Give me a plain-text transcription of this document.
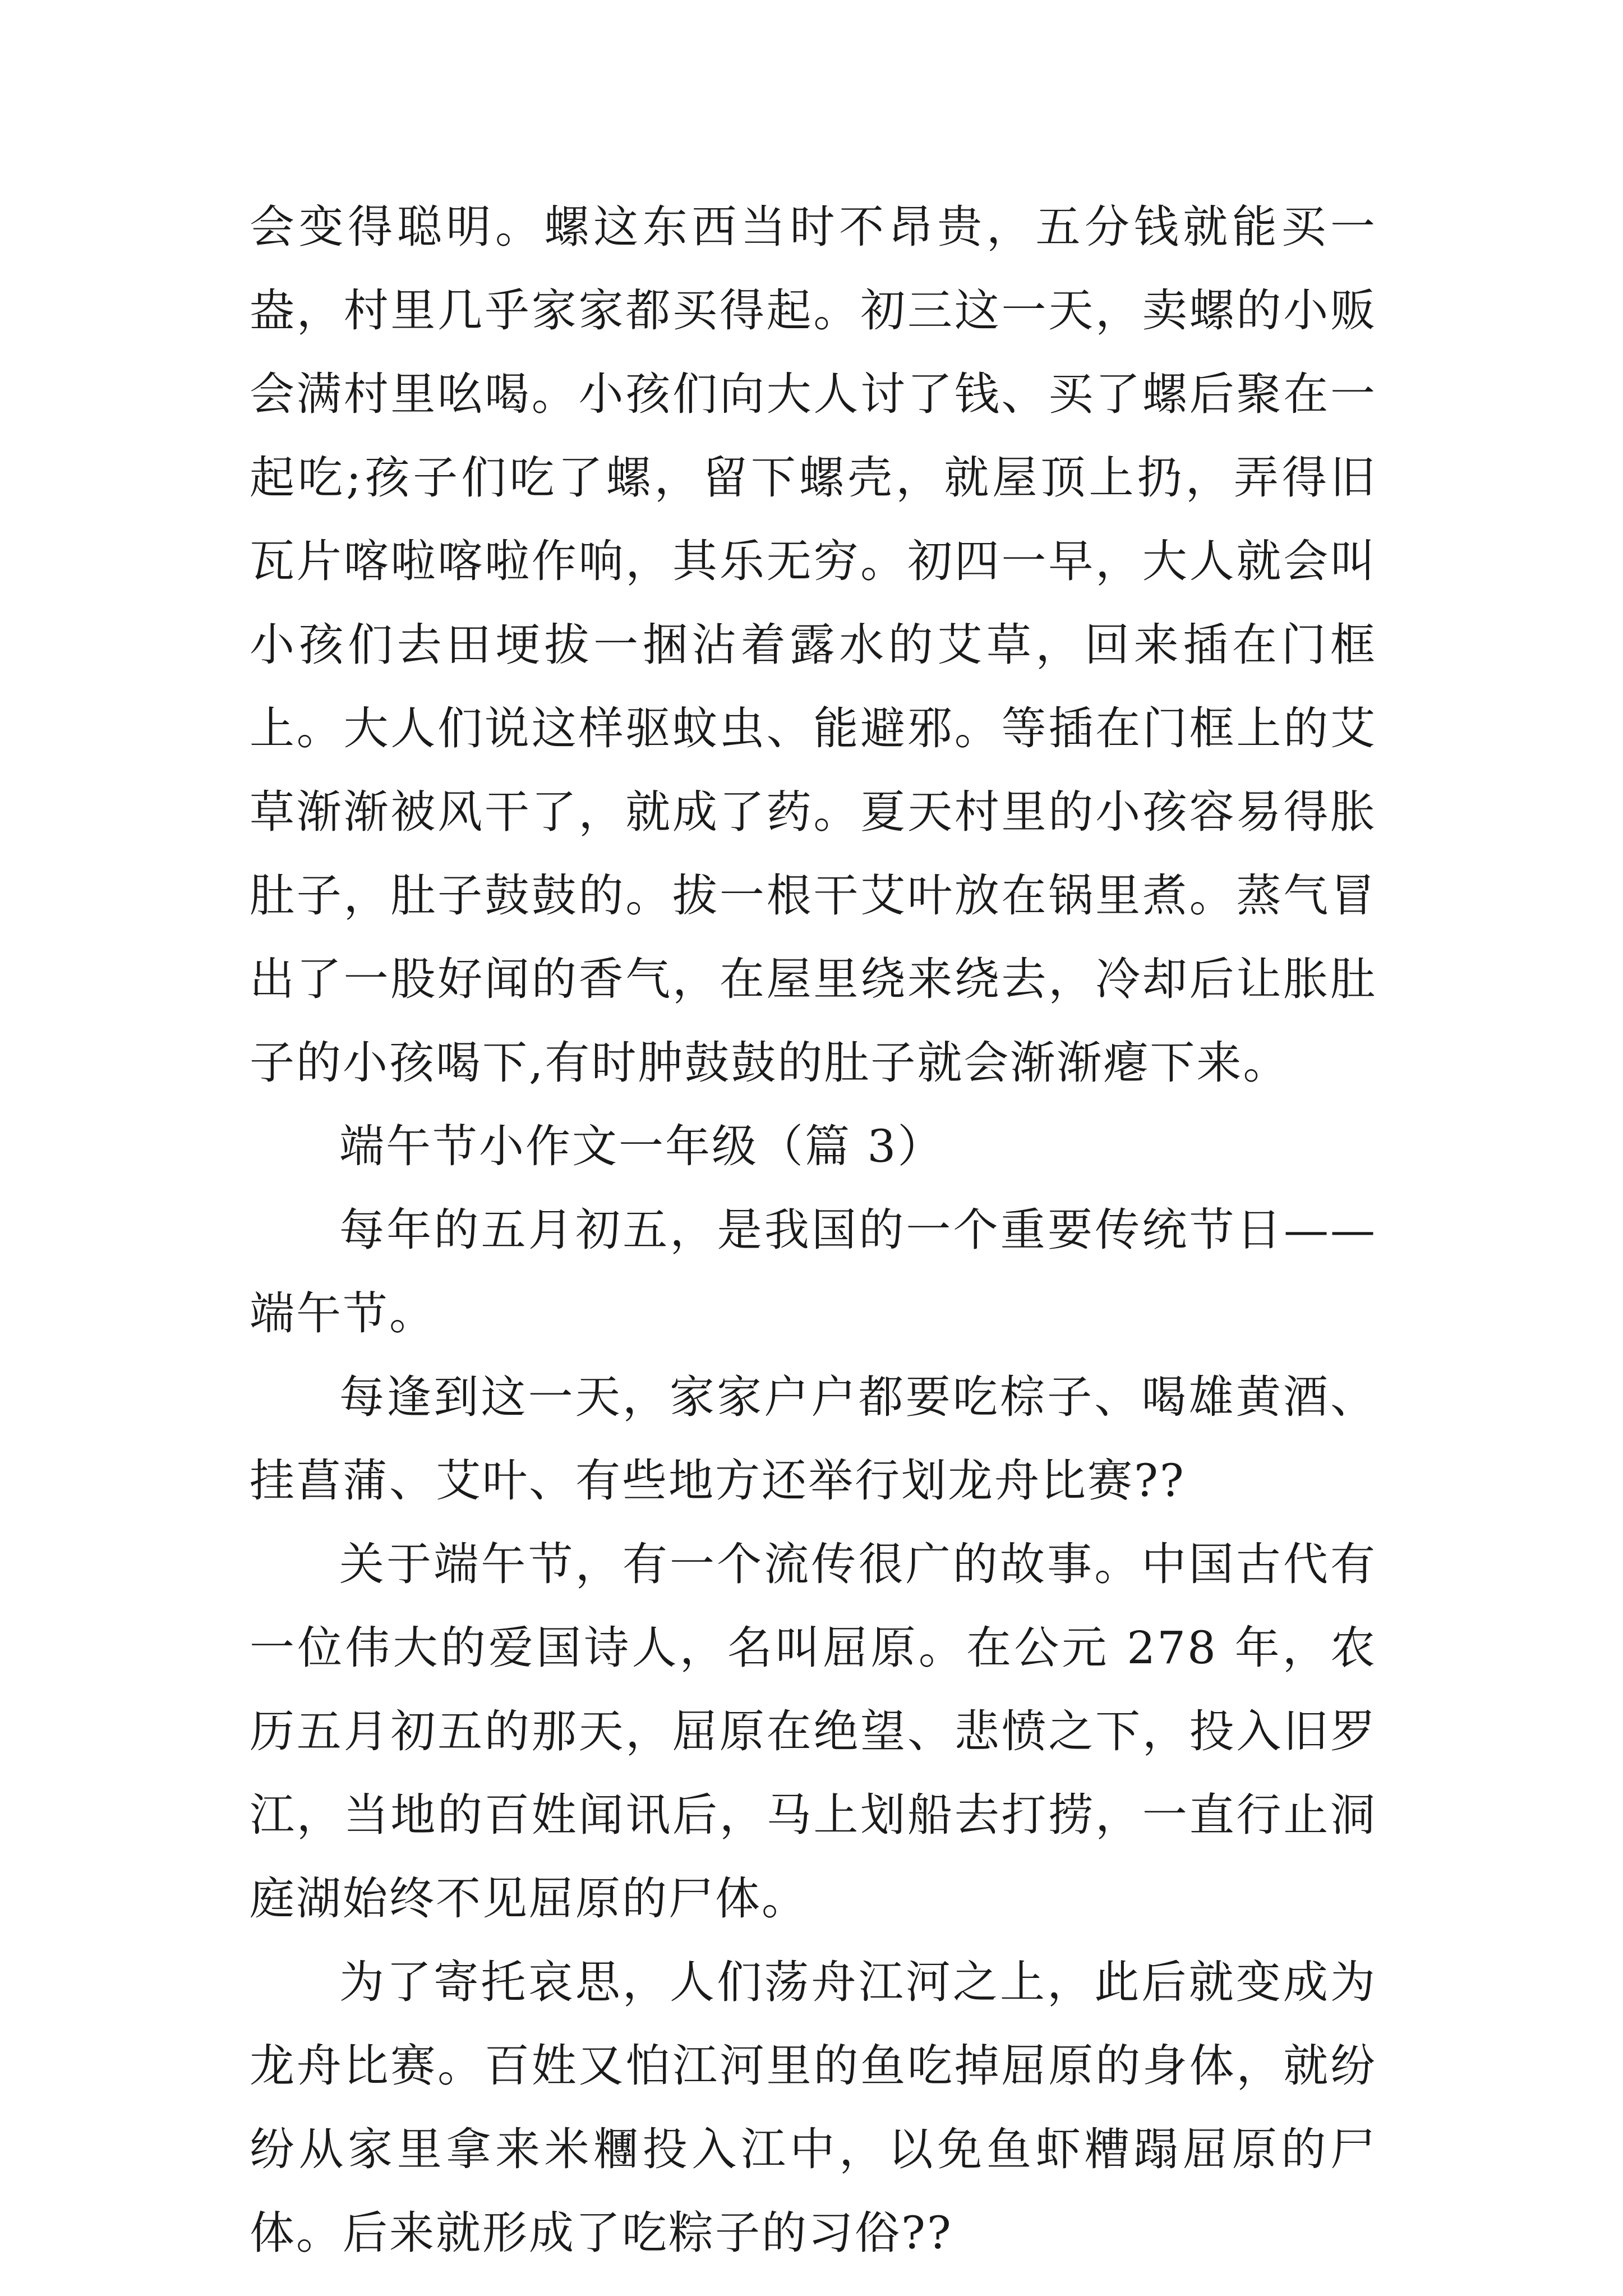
会变得聪明。螺这东西当时不昂贵，五分钱就能买一盎，村里几乎家家都买得起。初三这一天，卖螺的小贩会满村里吆喝。小孩们向大人讨了钱、买了螺后聚在一起吃;孩子们吃了螺，留下螺壳，就屋顶上扔，弄得旧瓦片喀啦喀啦作响，其乐无穷。初四一早，大人就会叫小孩们去田埂拔一捆沾着露水的艾草，回来插在门框上。大人们说这样驱蚊虫、能避邪。等插在门框上的艾草渐渐被风干了，就成了药。夏天村里的小孩容易得胀肚子，肚子鼓鼓的。拔一根干艾叶放在锅里煮。蒸气冒出了一股好闻的香气，在屋里绕来绕去，冷却后让胀肚子的小孩喝下,有时肿鼓鼓的肚子就会渐渐瘪下来。

端午节小作文一年级（篇 3）

每年的五月初五，是我国的一个重要传统节日——端午节。

每逢到这一天，家家户户都要吃棕子、喝雄黄酒、挂菖蒲、艾叶、有些地方还举行划龙舟比赛??

关于端午节，有一个流传很广的故事。中国古代有一位伟大的爱国诗人，名叫屈原。在公元 278 年，农历五月初五的那天，屈原在绝望、悲愤之下，投入旧罗江，当地的百姓闻讯后，马上划船去打捞，一直行止洞庭湖始终不见屈原的尸体。

为了寄托哀思，人们荡舟江河之上，此后就变成为龙舟比赛。百姓又怕江河里的鱼吃掉屈原的身体，就纷纷从家里拿来米糰投入江中，以免鱼虾糟蹋屈原的尸体。后来就形成了吃粽子的习俗??
